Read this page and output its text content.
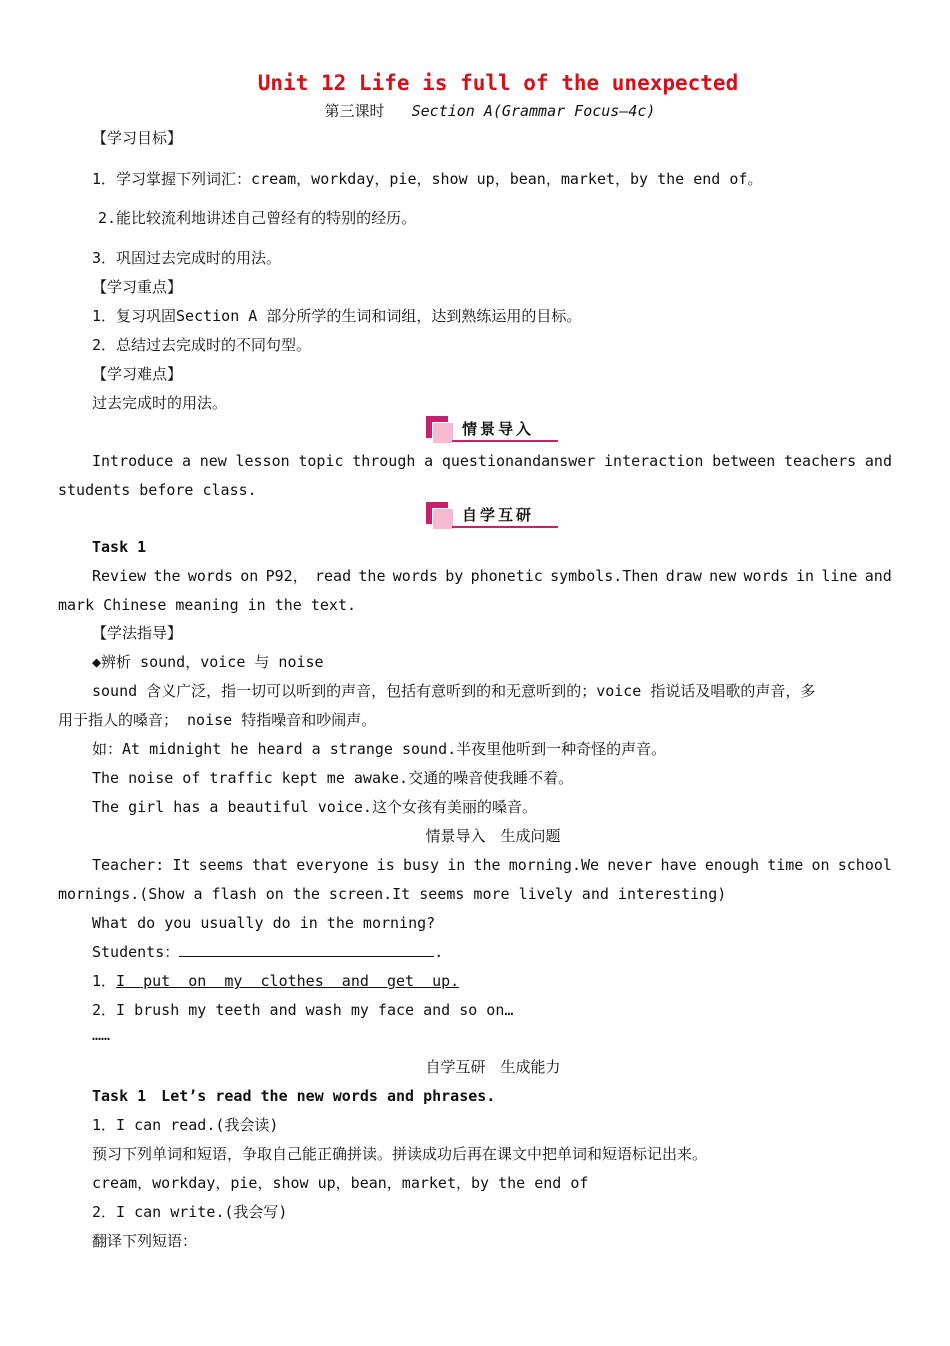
Unit 12 Life is full of the unexpected
第三课时 Section A(Grammar Focus—4c)
【学习目标】
1．学习掌握下列词汇：cream，workday，pie，show up，bean，market，by the end of。
2.能比较流利地讲述自己曾经有的特别的经历。
3．巩固过去完成时的用法。
【学习重点】
1．复习巩固Section A 部分所学的生词和词组，达到熟练运用的目标。
2．总结过去完成时的不同句型。
【学习难点】
过去完成时的用法。
情景导入
Introduce a new lesson topic through a questionandanswer interaction between teachers and
students before class.
自学互研
Task 1
Review the words on P92， read the words by phonetic symbols.Then draw new words in line and
mark Chinese meaning in the text.
【学法指导】
◆辨析 sound，voice 与 noise
sound 含义广泛，指一切可以听到的声音，包括有意听到的和无意听到的；voice 指说话及唱歌的声音，多
用于指人的嗓音； noise 特指噪音和吵闹声。
如：At midnight he heard a strange sound.半夜里他听到一种奇怪的声音。
The noise of traffic kept me awake.交通的噪音使我睡不着。
The girl has a beautiful voice.这个女孩有美丽的嗓音。
情景导入　生成问题
Teacher: It seems that everyone is busy in the morning.We never have enough time on school
mornings.(Show a flash on the screen.It seems more lively and interesting)
What do you usually do in the morning?
Students：	.
1．I  put  on  my  clothes  and  get  up.
2．I brush my teeth and wash my face and so on…
……
自学互研　生成能力
Task 1　Let’s read the new words and phrases.
1．I can read.(我会读)
预习下列单词和短语，争取自己能正确拼读。拼读成功后再在课文中把单词和短语标记出来。
cream，workday，pie，show up，bean，market，by the end of
2．I can write.(我会写)
翻译下列短语：
